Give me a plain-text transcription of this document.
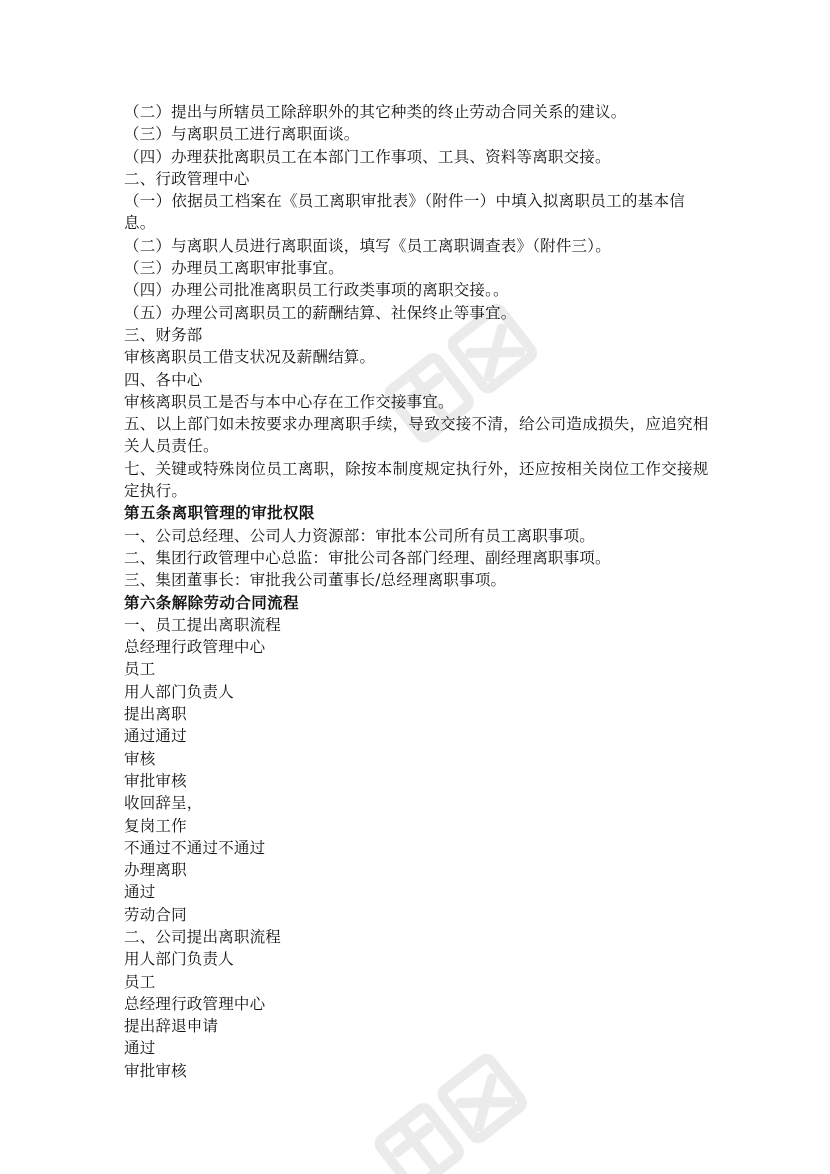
（二）提出与所辖员工除辞职外的其它种类的终止劳动合同关系的建议。
（三）与离职员工进行离职面谈。
（四）办理获批离职员工在本部门工作事项、工具、资料等离职交接。
二、行政管理中心
（一）依据员工档案在《员工离职审批表》（附件一）中填入拟离职员工的基本信息。
（二）与离职人员进行离职面谈，填写《员工离职调查表》（附件三）。
（三）办理员工离职审批事宜。
（四）办理公司批准离职员工行政类事项的离职交接。。
（五）办理公司离职员工的薪酬结算、社保终止等事宜。
三、财务部
审核离职员工借支状况及薪酬结算。
四、各中心
审核离职员工是否与本中心存在工作交接事宜。
五、以上部门如未按要求办理离职手续，导致交接不清，给公司造成损失，应追究相关人员责任。
七、关键或特殊岗位员工离职，除按本制度规定执行外，还应按相关岗位工作交接规定执行。
第五条离职管理的审批权限
一、公司总经理、公司人力资源部：审批本公司所有员工离职事项。
二、集团行政管理中心总监：审批公司各部门经理、副经理离职事项。
三、集团董事长：审批我公司董事长/总经理离职事项。
第六条解除劳动合同流程
一、员工提出离职流程
总经理行政管理中心
员工
用人部门负责人
提出离职
通过通过
审核
审批审核
收回辞呈，
复岗工作
不通过不通过不通过
办理离职
通过
劳动合同
二、公司提出离职流程
用人部门负责人
员工
总经理行政管理中心
提出辞退申请
通过
审批审核
